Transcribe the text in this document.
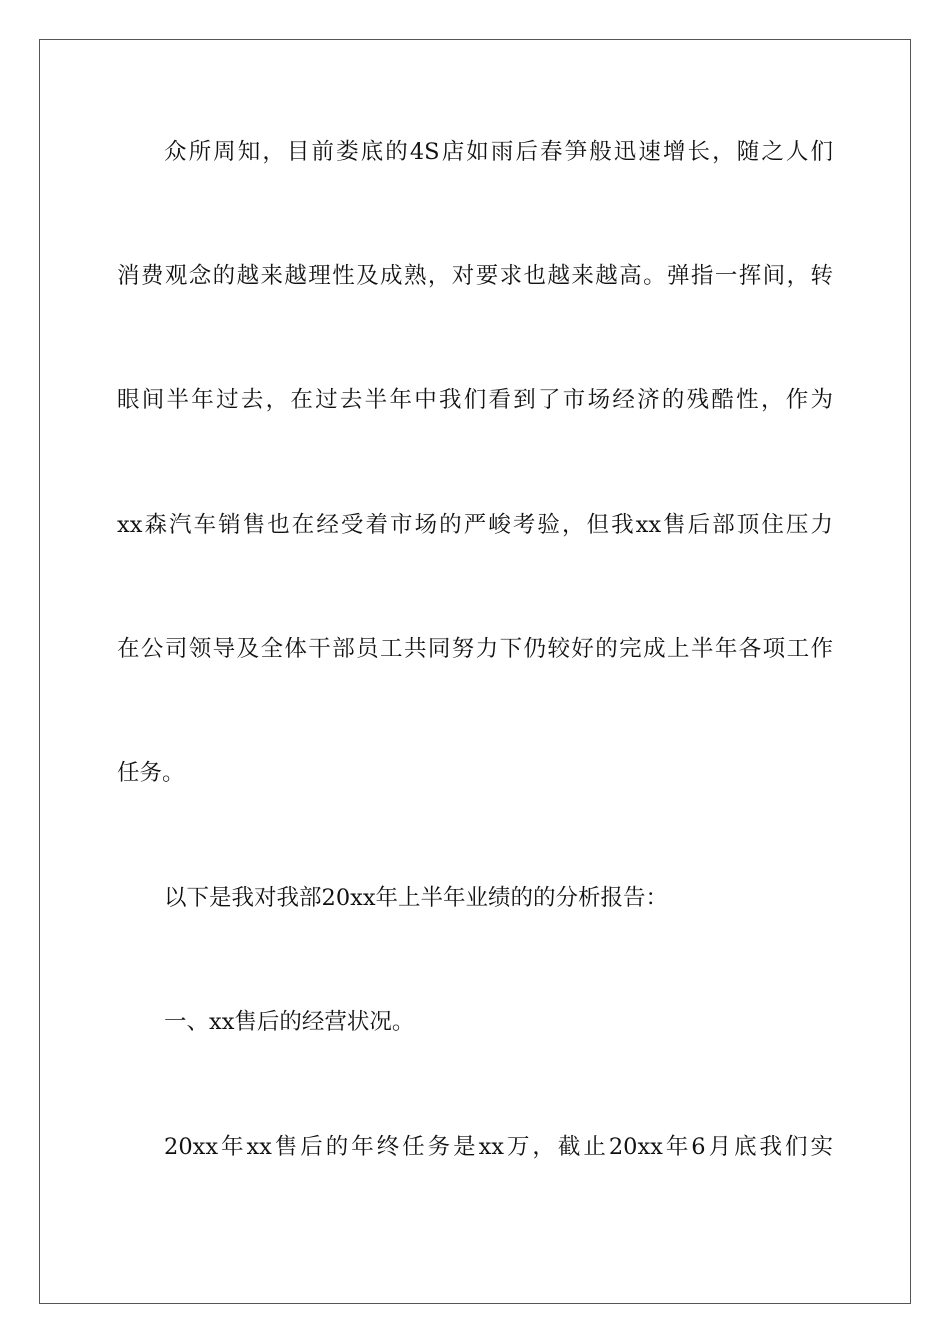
众所周知，目前娄底的4S店如雨后春笋般迅速增长，随之人们
消费观念的越来越理性及成熟，对要求也越来越高。弹指一挥间，转
眼间半年过去，在过去半年中我们看到了市场经济的残酷性，作为
xx森汽车销售也在经受着市场的严峻考验，但我xx售后部顶住压力
在公司领导及全体干部员工共同努力下仍较好的完成上半年各项工作
任务。
以下是我对我部20xx年上半年业绩的的分析报告：
一、xx售后的经营状况。
20xx年xx售后的年终任务是xx万，截止20xx年6月底我们实
